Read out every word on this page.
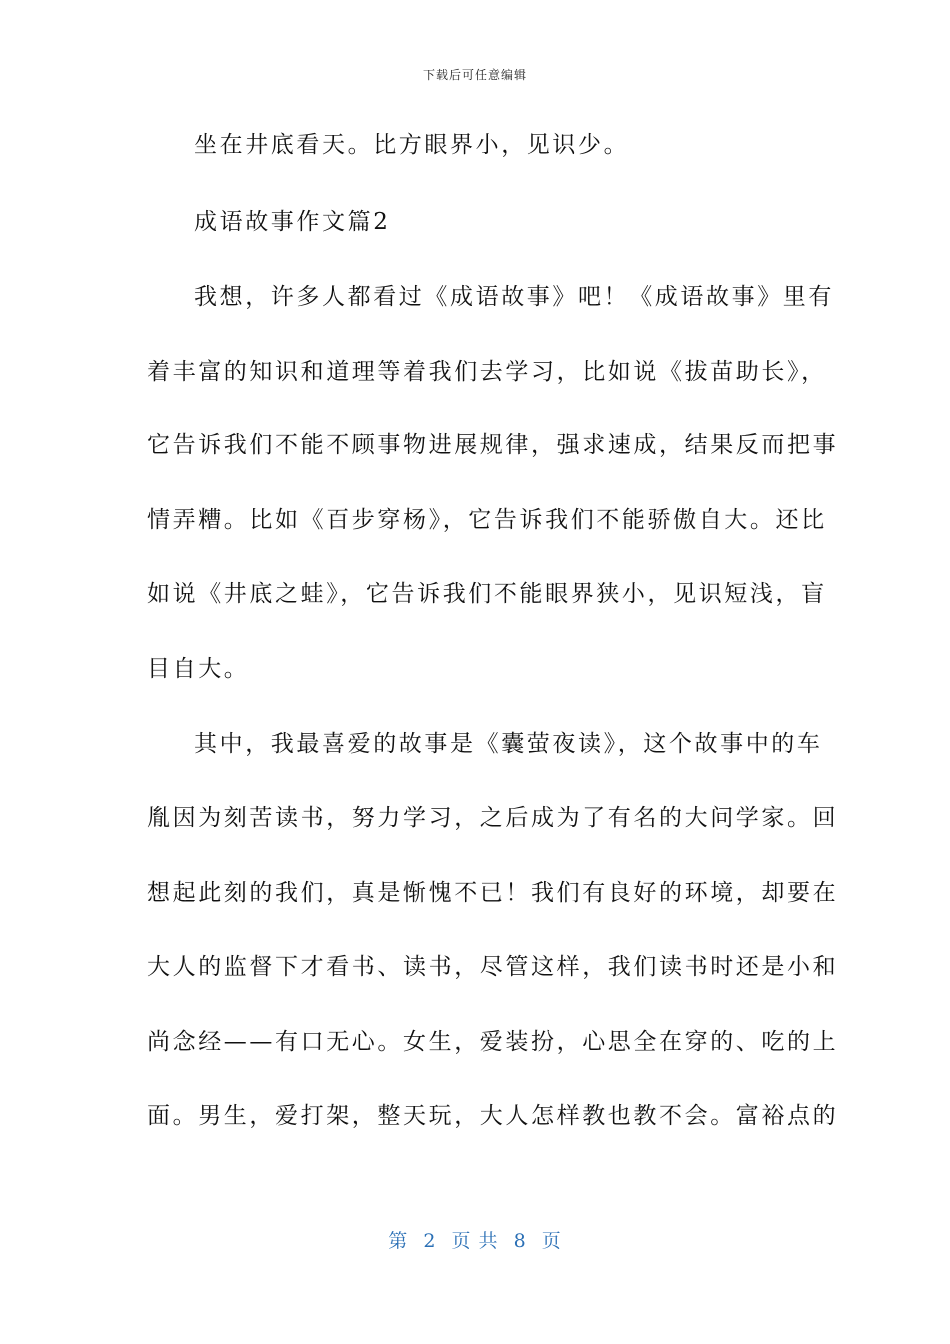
下载后可任意编辑
坐在井底看天。比方眼界小，见识少。
成语故事作文篇2
我想，许多人都看过《成语故事》吧！《成语故事》里有
着丰富的知识和道理等着我们去学习，比如说《拔苗助长》，
它告诉我们不能不顾事物进展规律，强求速成，结果反而把事
情弄糟。比如《百步穿杨》，它告诉我们不能骄傲自大。还比
如说《井底之蛙》，它告诉我们不能眼界狭小，见识短浅，盲
目自大。
其中，我最喜爱的故事是《囊萤夜读》，这个故事中的车
胤因为刻苦读书，努力学习，之后成为了有名的大问学家。回
想起此刻的我们，真是惭愧不已！我们有良好的环境，却要在
大人的监督下才看书、读书，尽管这样，我们读书时还是小和
尚念经——有口无心。女生，爱装扮，心思全在穿的、吃的上
面。男生，爱打架，整天玩，大人怎样教也教不会。富裕点的
第 2 页 共 8 页
